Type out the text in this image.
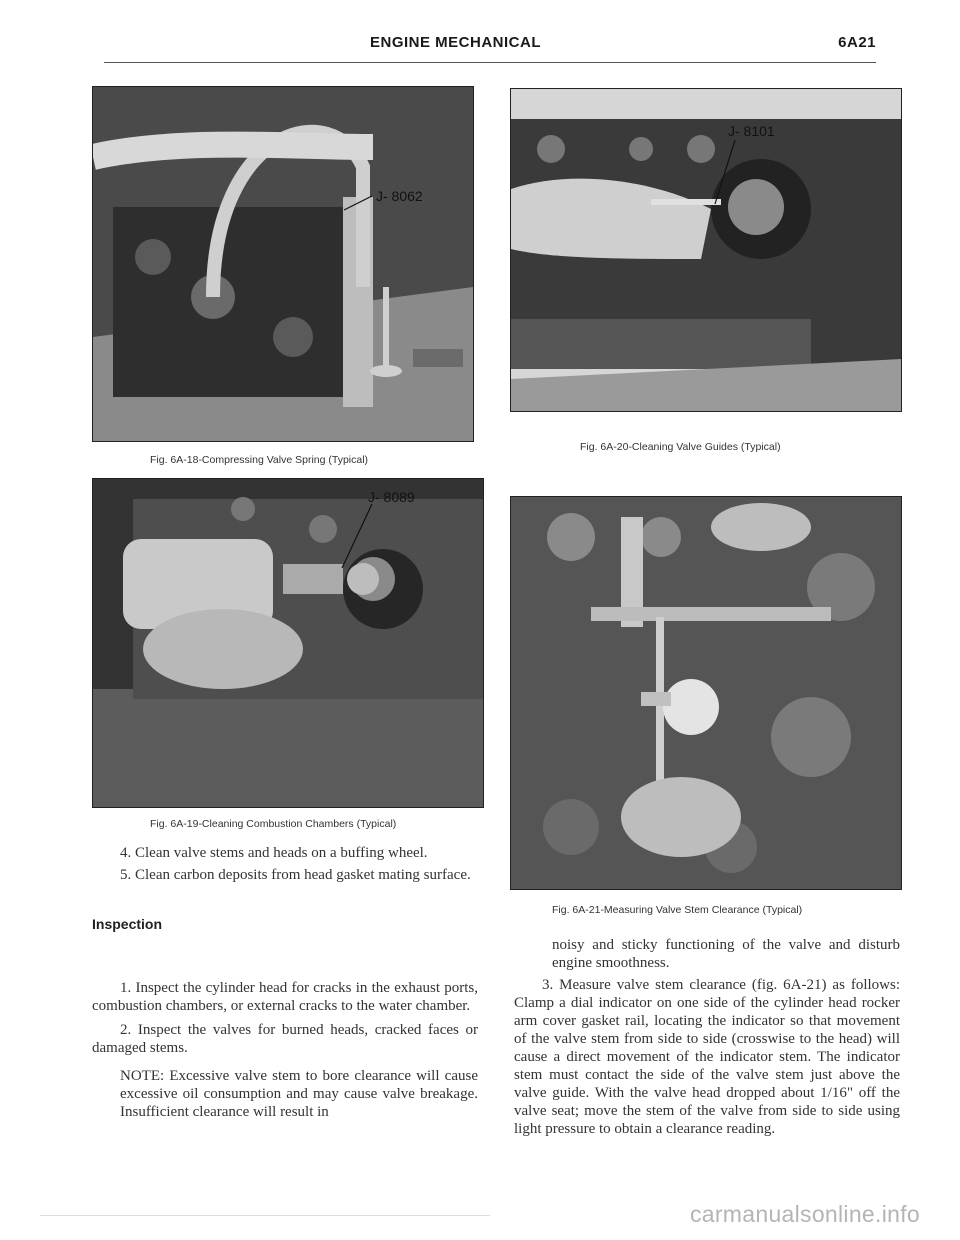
ENGINE MECHANICAL	6A21
J- 8062
Fig. 6A-18-Compressing Valve Spring (Typical)
J- 8089
Fig. 6A-19-Cleaning Combustion Chambers (Typical)
J- 8101
Fig. 6A-20-Cleaning Valve Guides (Typical)
Fig. 6A-21-Measuring Valve Stem Clearance (Typical)

4. Clean valve stems and heads on a buffing wheel.

5. Clean carbon deposits from head gasket mating surface.

Inspection

1. Inspect the cylinder head for cracks in the exhaust ports, combustion chambers, or external cracks to the water chamber.

2. Inspect the valves for burned heads, cracked faces or damaged stems.

NOTE: Excessive valve stem to bore clearance will cause excessive oil consumption and may cause valve breakage. Insufficient clearance will result in

noisy and sticky functioning of the valve and disturb engine smoothness.

3. Measure valve stem clearance (fig. 6A-21) as follows: Clamp a dial indicator on one side of the cylinder head rocker arm cover gasket rail, locating the indicator so that movement of the valve stem from side to side (crosswise to the head) will cause a direct movement of the indicator stem. The indicator stem must contact the side of the valve stem just above the valve guide. With the valve head dropped about 1/16" off the valve seat; move the stem of the valve from side to side using light pressure to obtain a clearance reading.

carmanualsonline.info
